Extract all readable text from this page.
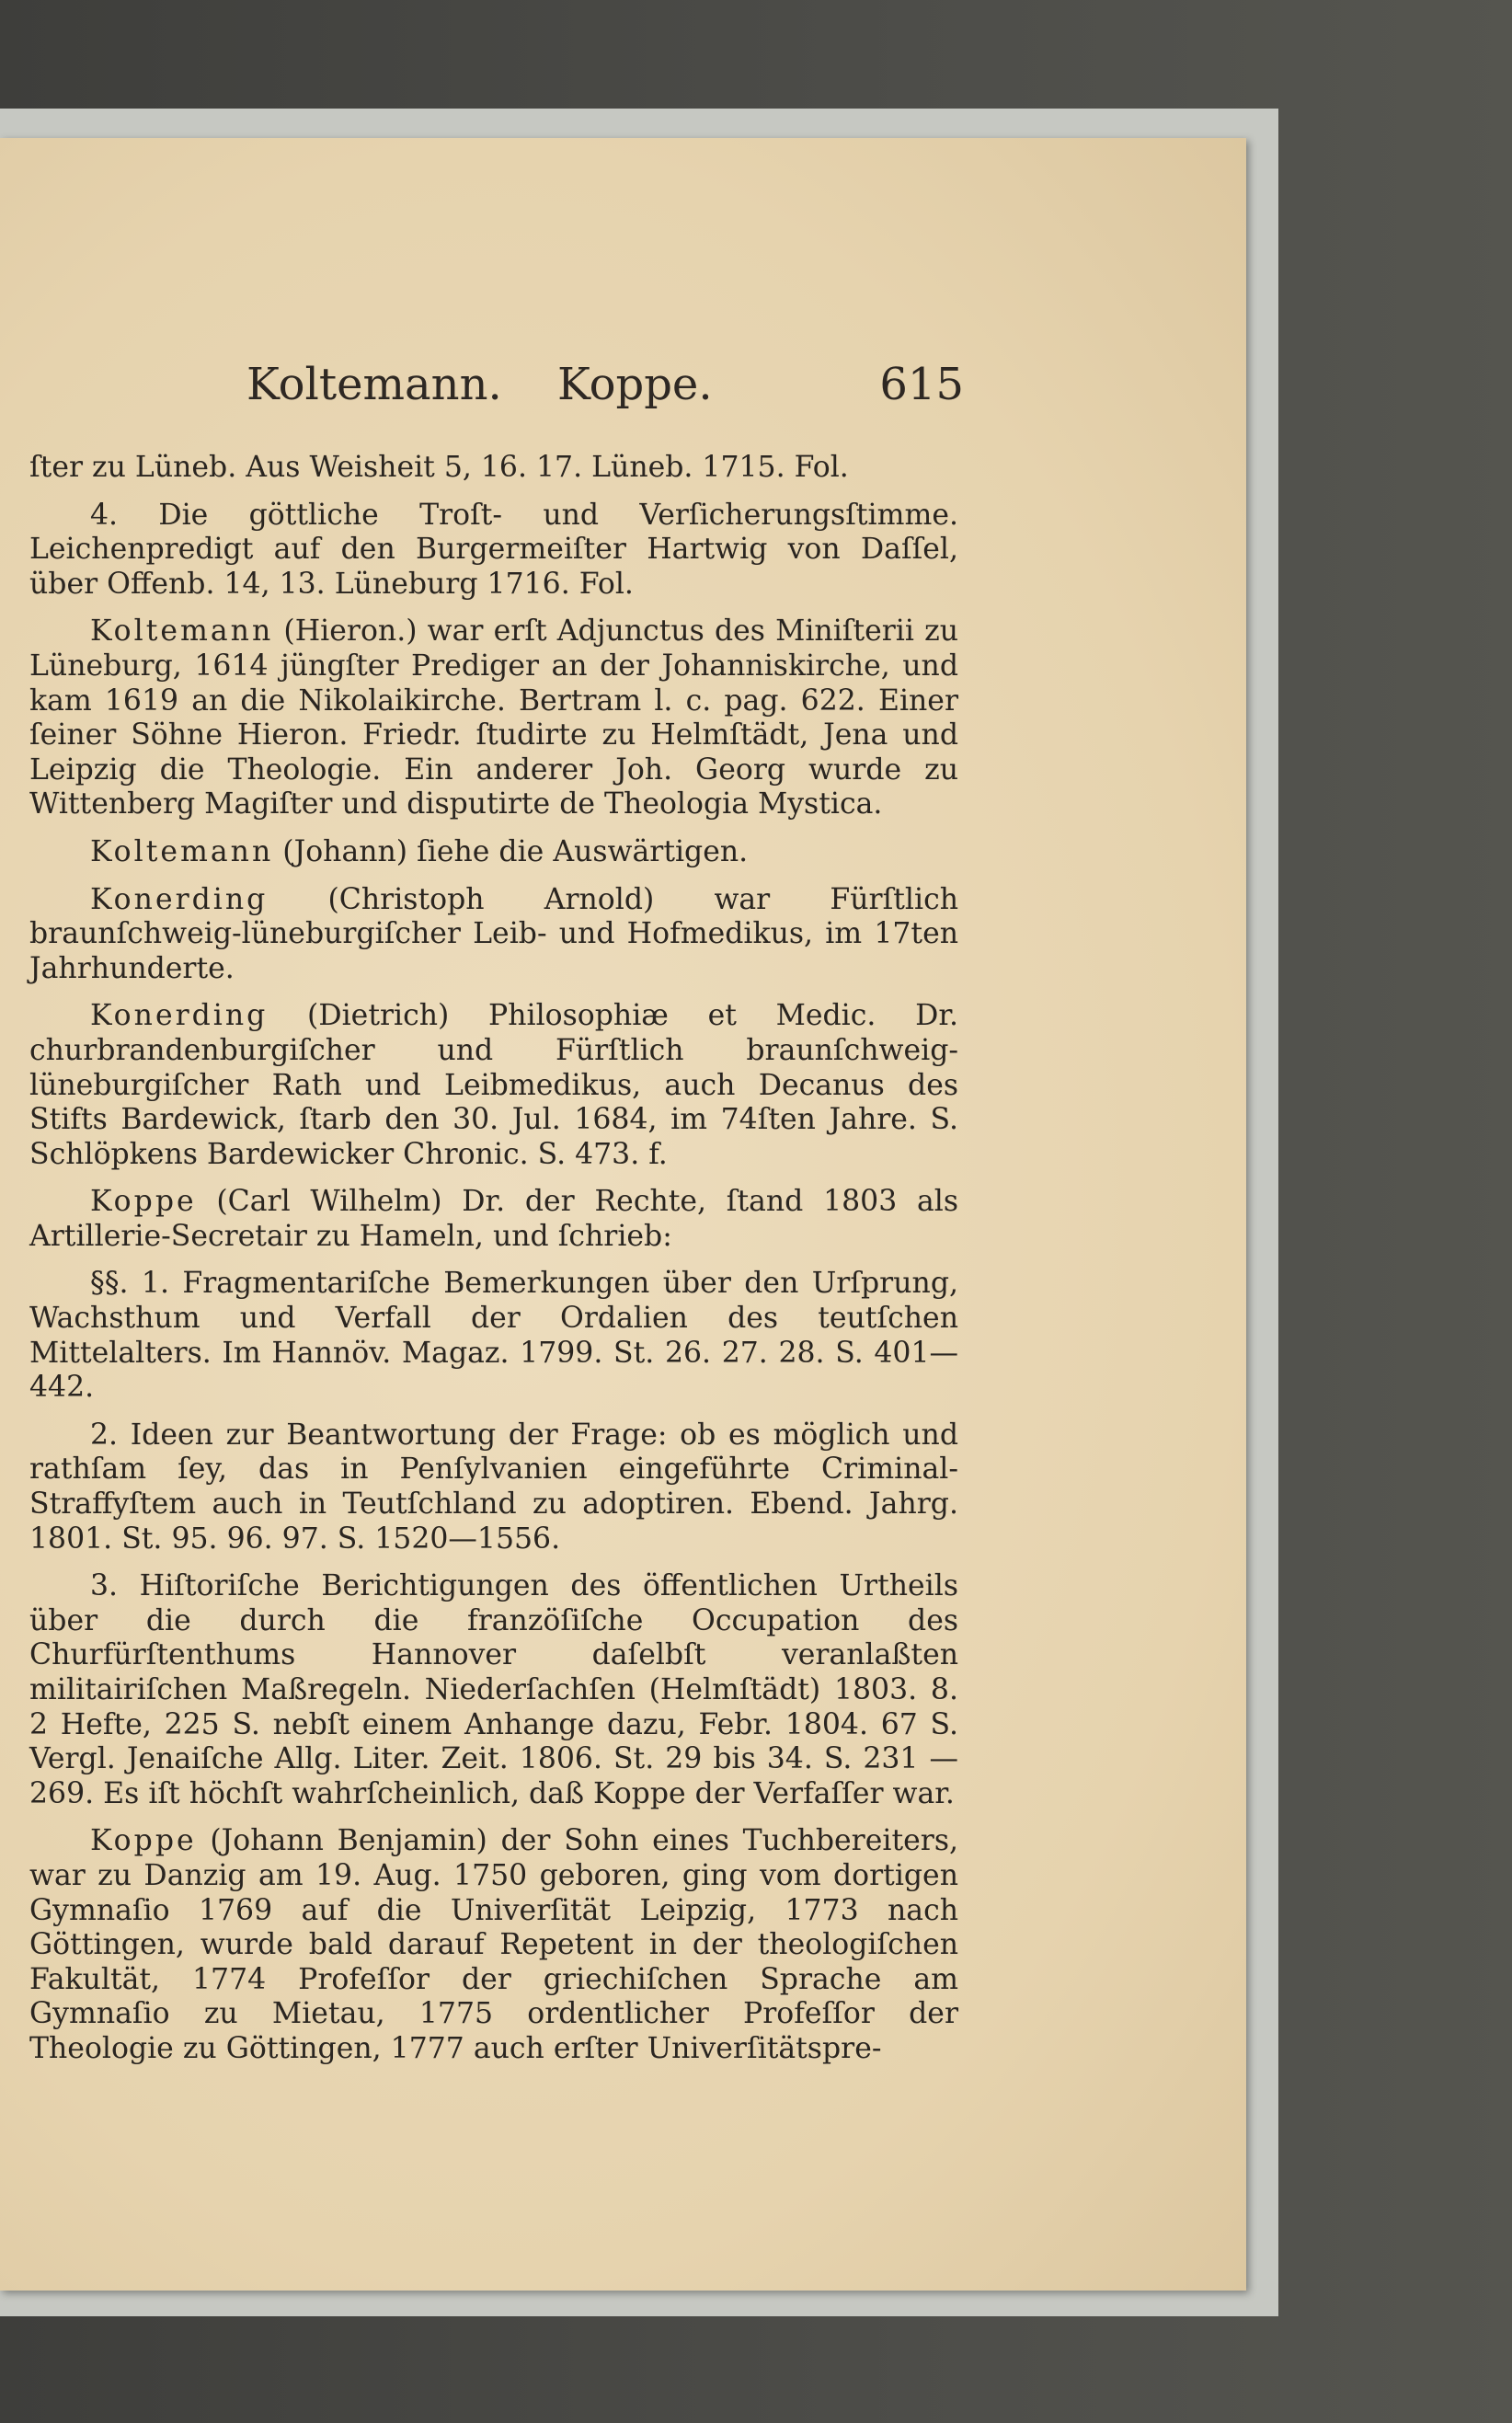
Koltemann. Koppe.	615

ſter zu Lüneb. Aus Weisheit 5, 16. 17. Lüneb. 1715. Fol.

4. Die göttliche Troſt- und Verſicherungsſtimme. Leichenpredigt auf den Burgermeiſter Hartwig von Daſſel, über Offenb. 14, 13. Lüneburg 1716. Fol.

Koltemann (Hieron.) war erſt Adjunctus des Miniſterii zu Lüneburg, 1614 jüngſter Prediger an der Johanniskirche, und kam 1619 an die Nikolaikirche. Bertram l. c. pag. 622. Einer ſeiner Söhne Hieron. Friedr. ſtudirte zu Helmſtädt, Jena und Leipzig die Theologie. Ein anderer Joh. Georg wurde zu Wittenberg Magiſter und disputirte de Theologia Mystica.

Koltemann (Johann) ſiehe die Auswärtigen.

Konerding (Christoph Arnold) war Fürſtlich braunſchweig-lüneburgiſcher Leib- und Hofmedikus, im 17ten Jahrhunderte.

Konerding (Dietrich) Philosophiæ et Medic. Dr. churbrandenburgiſcher und Fürſtlich braunſchweig-lüneburgiſcher Rath und Leibmedikus, auch Decanus des Stifts Bardewick, ſtarb den 30. Jul. 1684, im 74ſten Jahre. S. Schlöpkens Bardewicker Chronic. S. 473. f.

Koppe (Carl Wilhelm) Dr. der Rechte, ſtand 1803 als Artillerie-Secretair zu Hameln, und ſchrieb:

§§. 1. Fragmentariſche Bemerkungen über den Urſprung, Wachsthum und Verfall der Ordalien des teutſchen Mittelalters. Im Hannöv. Magaz. 1799. St. 26. 27. 28. S. 401—442.

2. Ideen zur Beantwortung der Frage: ob es möglich und rathſam ſey, das in Penſylvanien eingeführte Criminal-Straffyſtem auch in Teutſchland zu adoptiren. Ebend. Jahrg. 1801. St. 95. 96. 97. S. 1520—1556.

3. Hiſtoriſche Berichtigungen des öffentlichen Urtheils über die durch die franzöſiſche Occupation des Churfürſtenthums Hannover daſelbſt veranlaßten militairiſchen Maßregeln. Niederſachſen (Helmſtädt) 1803. 8. 2 Hefte, 225 S. nebſt einem Anhange dazu, Febr. 1804. 67 S. Vergl. Jenaiſche Allg. Liter. Zeit. 1806. St. 29 bis 34. S. 231 — 269. Es iſt höchſt wahrſcheinlich, daß Koppe der Verfaſſer war.

Koppe (Johann Benjamin) der Sohn eines Tuchbereiters, war zu Danzig am 19. Aug. 1750 geboren, ging vom dortigen Gymnaſio 1769 auf die Univerſität Leipzig, 1773 nach Göttingen, wurde bald darauf Repetent in der theologiſchen Fakultät, 1774 Profeſſor der griechiſchen Sprache am Gymnaſio zu Mietau, 1775 ordentlicher Profeſſor der Theologie zu Göttingen, 1777 auch erſter Univerſitätspre-
